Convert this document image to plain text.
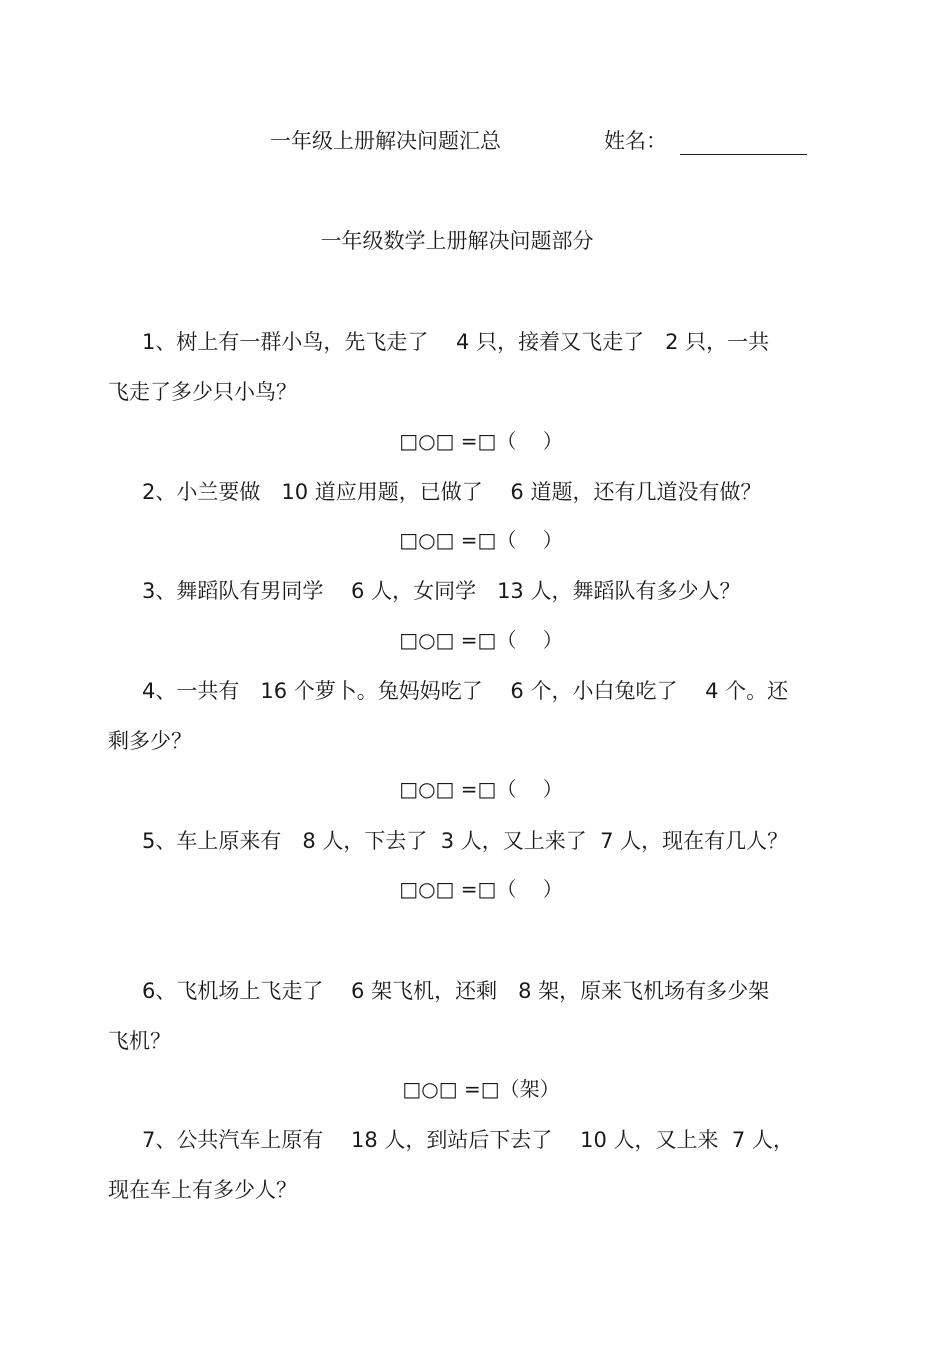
一年级上册解决问题汇总	姓名：
一年级数学上册解决问题部分
1、树上有一群小鸟，先飞走了　 4 只，接着又飞走了　2 只，一共
飞走了多少只小鸟？
□○□ =□（　 ）
2、小兰要做　10 道应用题，已做了　 6 道题，还有几道没有做？
□○□ =□（　 ）
3、舞蹈队有男同学　 6 人，女同学　13 人，舞蹈队有多少人？
□○□ =□（　 ）
4、一共有　16 个萝卜。兔妈妈吃了　 6 个，小白兔吃了　 4 个。还
剩多少？
□○□ =□（　 ）
5、车上原来有　8 人，下去了  3 人，又上来了  7 人，现在有几人？
□○□ =□（　 ）
6、飞机场上飞走了　 6 架飞机，还剩　8 架，原来飞机场有多少架
飞机？
□○□ =□（架）
7、公共汽车上原有　 18 人，到站后下去了　 10 人，又上来  7 人，
现在车上有多少人？
